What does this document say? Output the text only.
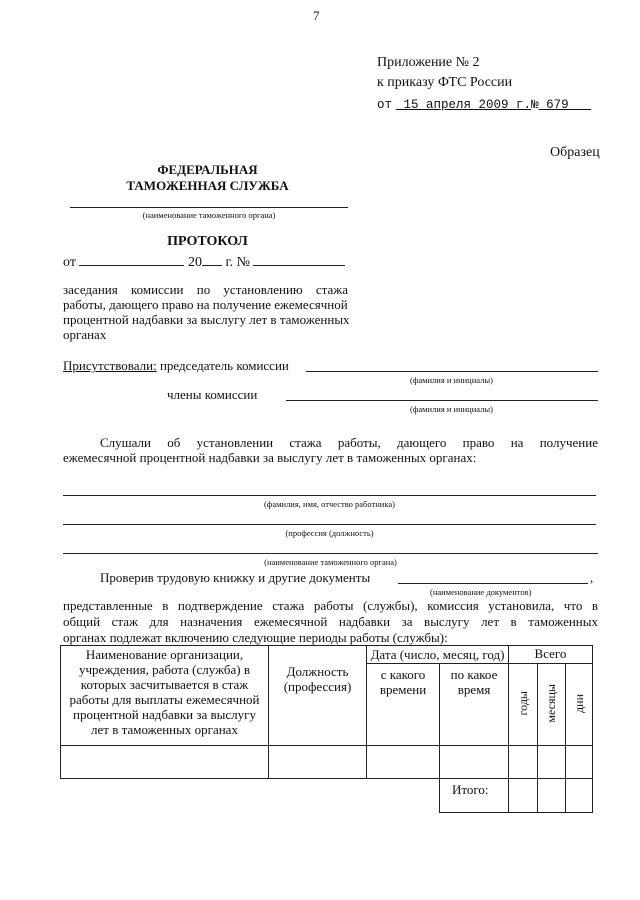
7
Приложение № 2
к приказу ФТС России
от 15 апреля 2009 г.№ 679
Образец
ФЕДЕРАЛЬНАЯ
ТАМОЖЕННАЯ СЛУЖБА
(наименование таможенного органа)
ПРОТОКОЛ
от	20 г. №
заседания комиссии по установлению стажа
работы, дающего право на получение ежемесячной
процентной надбавки за выслугу лет в таможенных
органах
Присутствовали: председатель комиссии
(фамилия и инициалы)
члены комиссии
(фамилия и инициалы)
Слушали об установлении стажа работы, дающего право на получение
ежемесячной процентной надбавки за выслугу лет в таможенных органах:
(фамилия, имя, отчество работника)
(профессия (должность)
(наименование таможенного органа)
Проверив трудовую книжку и другие документы	,
(наименование документов)
представленные в подтверждение стажа работы (службы), комиссия установила, что в
общий стаж для назначения ежемесячной надбавки за выслугу лет в таможенных
органах подлежат включению следующие периоды работы (службы):
Наименование организации, учреждения, работа (служба) в которых засчитывается в стаж работы для выплаты ежемесячной процентной надбавки за выслугу лет в таможенных органах	Должность (профессия)	Дата (число, месяц, год)		Всего		
		с какого времени	по какое время	годы	месяцы	дни

			Итого:			
